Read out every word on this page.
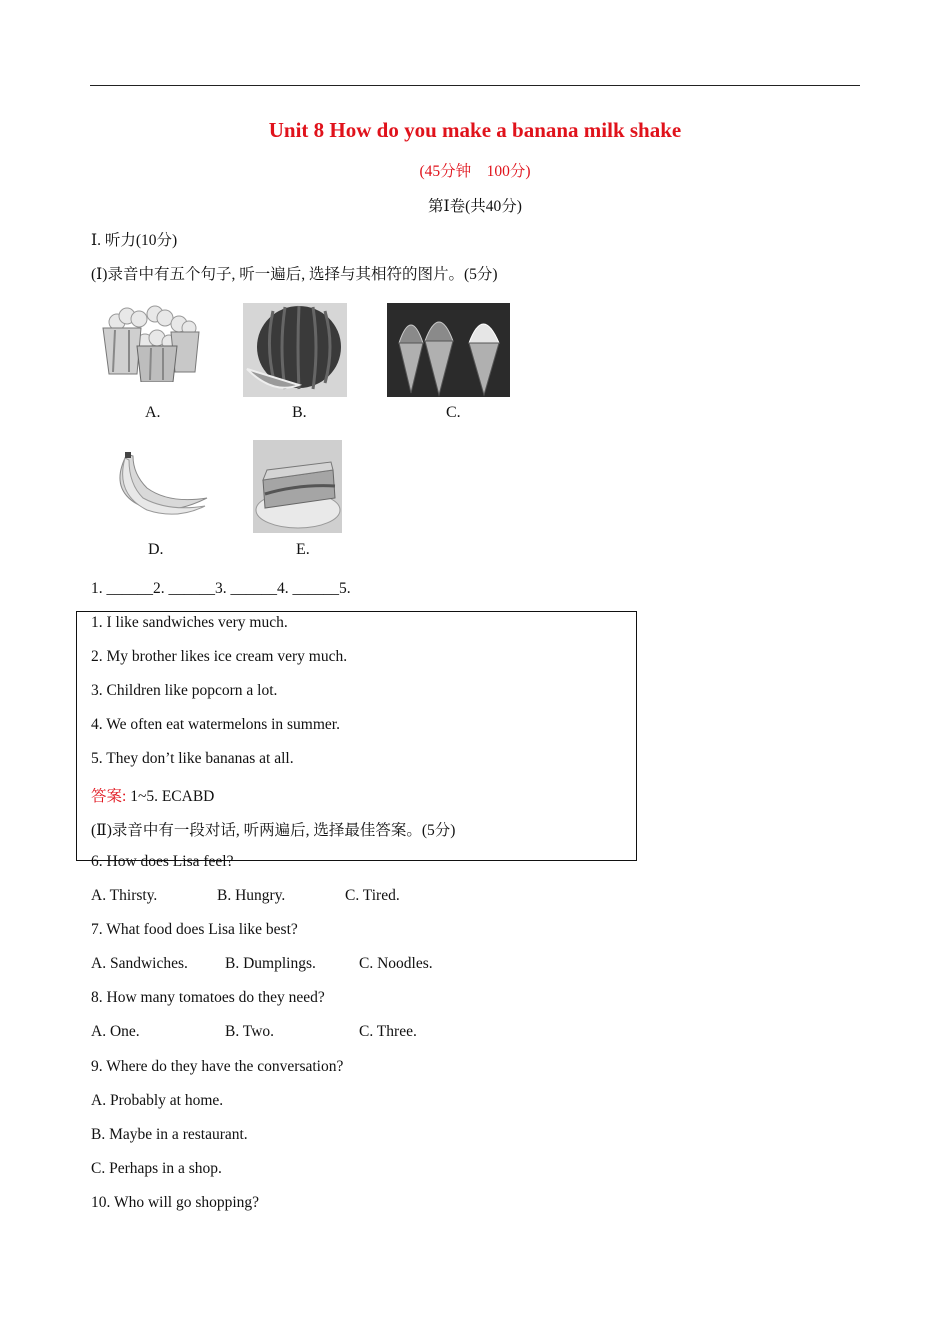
Unit 8 How do you make a banana milk shake
(45分钟　100分)
第Ⅰ卷(共40分)
Ⅰ. 听力(10分)
(Ⅰ)录音中有五个句子, 听一遍后, 选择与其相符的图片。(5分)
A.	B.	C.
D.	E.
1. ______2. ______3. ______4. ______5.
1. I like sandwiches very much.
2. My brother likes ice cream very much.
3. Children like popcorn a lot.
4. We often eat watermelons in summer.
5. They don’t like bananas at all.
答案: 1~5. ECABD
(Ⅱ)录音中有一段对话, 听两遍后, 选择最佳答案。(5分)
6. How does Lisa feel?
A. Thirsty.	B. Hungry.	C. Tired.
7. What food does Lisa like best?
A. Sandwiches. B. Dumplings.	C. Noodles.
8. How many tomatoes do they need?
A. One.	B. Two.	C. Three.
9. Where do they have the conversation?
A. Probably at home.
B. Maybe in a restaurant.
C. Perhaps in a shop.
10. Who will go shopping?
